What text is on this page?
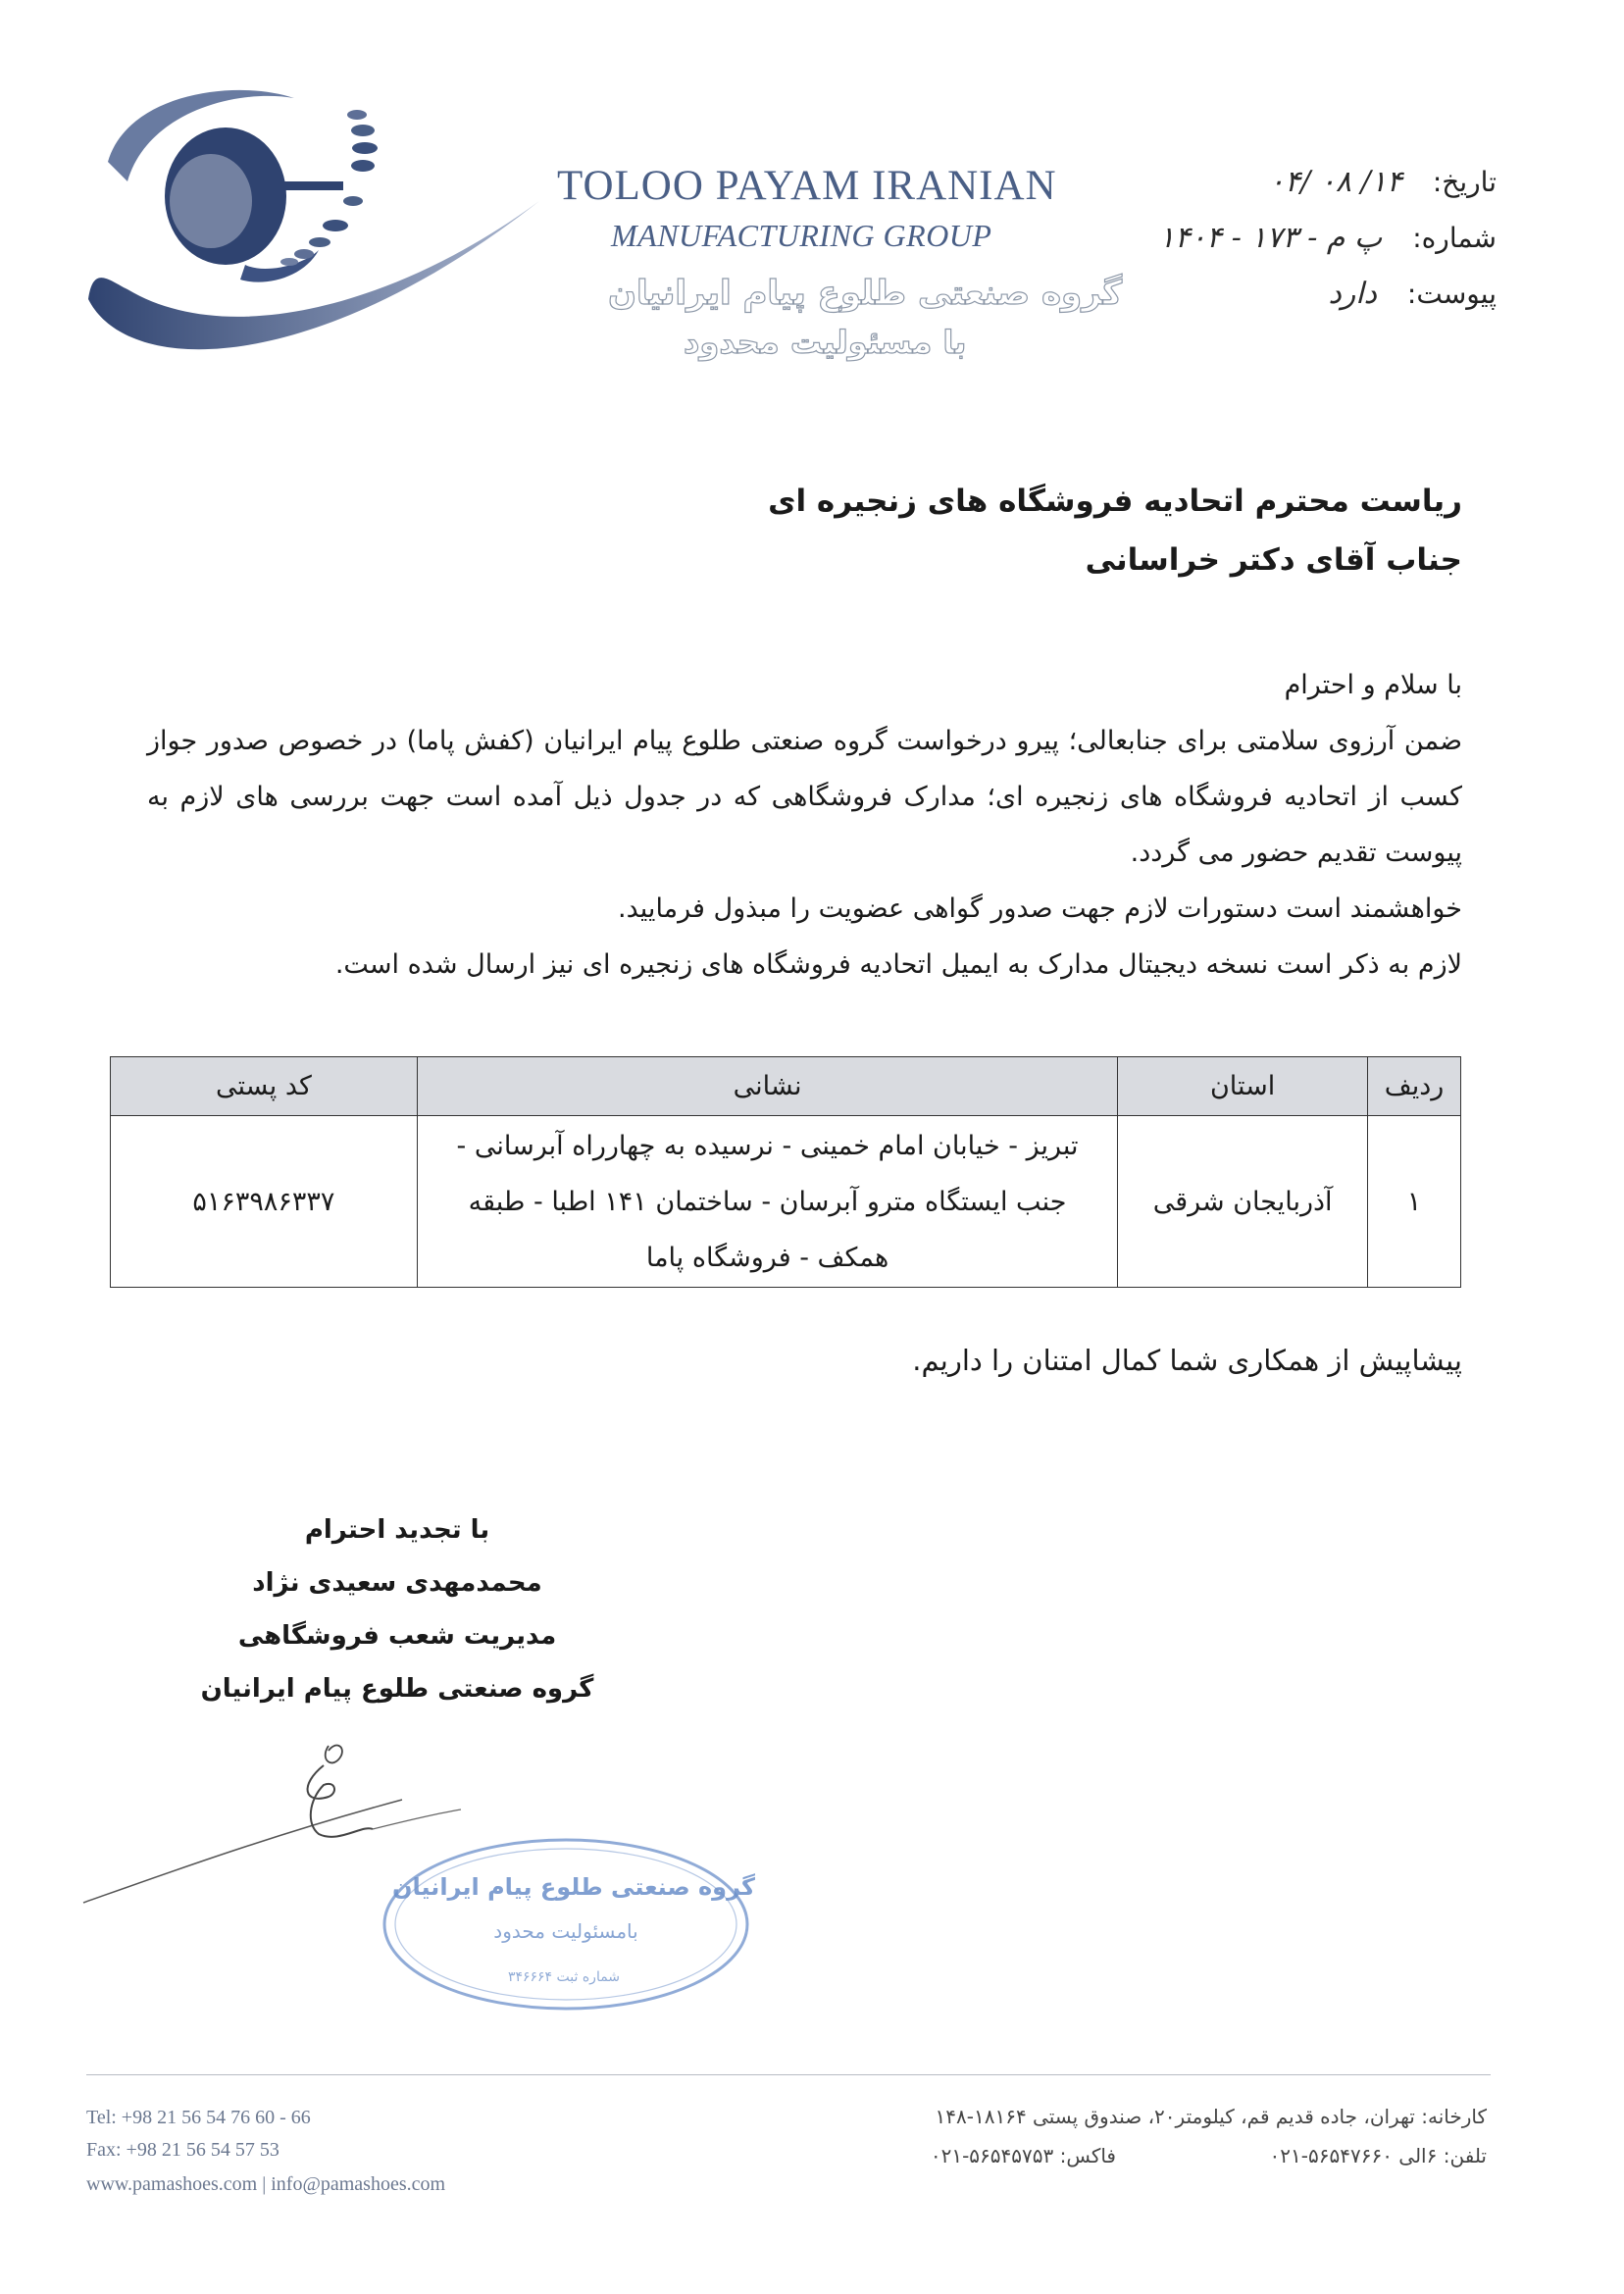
TOLOO PAYAM IRANIAN
MANUFACTURING GROUP
گروه صنعتی طلوع پیام ایرانیان
با مسئولیت محدود
تاریخ: ۱۴/ ۰۸ /۰۴
شماره: پ م - ۱۷۳ - ۱۴۰۴
پیوست: دارد
ریاست محترم اتحادیه فروشگاه های زنجیره ای
جناب آقای دکتر خراسانی
با سلام و احترام
ضمن آرزوی سلامتی برای جنابعالی؛ پیرو درخواست گروه صنعتی طلوع پیام ایرانیان (کفش پاما) در خصوص صدور جواز کسب از اتحادیه فروشگاه های زنجیره ای؛ مدارک فروشگاهی که در جدول ذیل آمده است جهت بررسی های لازم به پیوست تقدیم حضور می گردد.
خواهشمند است دستورات لازم جهت صدور گواهی عضویت را مبذول فرمایید.
لازم به ذکر است نسخه دیجیتال مدارک به ایمیل اتحادیه فروشگاه های زنجیره ای نیز ارسال شده است.
ردیف	استان	نشانی	کد پستی
۱	آذربایجان شرقی	تبریز - خیابان امام خمینی - نرسیده به چهارراه آبرسانی - جنب ایستگاه مترو آبرسان - ساختمان ۱۴۱ اطبا - طبقه همکف - فروشگاه پاما	۵۱۶۳۹۸۶۳۳۷
پیشاپیش از همکاری شما کمال امتنان را داریم.
با تجدید احترام
محمدمهدی سعیدی نژاد
مدیریت شعب فروشگاهی
گروه صنعتی طلوع پیام ایرانیان
گروه صنعتی طلوع پیام ایرانیان
بامسئولیت محدود
شماره ثبت ۳۴۶۶۶۴
Tel: +98 21 56 54 76 60 - 66
Fax: +98 21 56 54 57 53
www.pamashoes.com | info@pamashoes.com
کارخانه: تهران، جاده قدیم قم، کیلومتر۲۰، صندوق پستی ۱۸۱۶۴-۱۴۸
تلفن: ۶الی ۵۶۵۴۷۶۶۰-۰۲۱
فاکس: ۵۶۵۴۵۷۵۳-۰۲۱
